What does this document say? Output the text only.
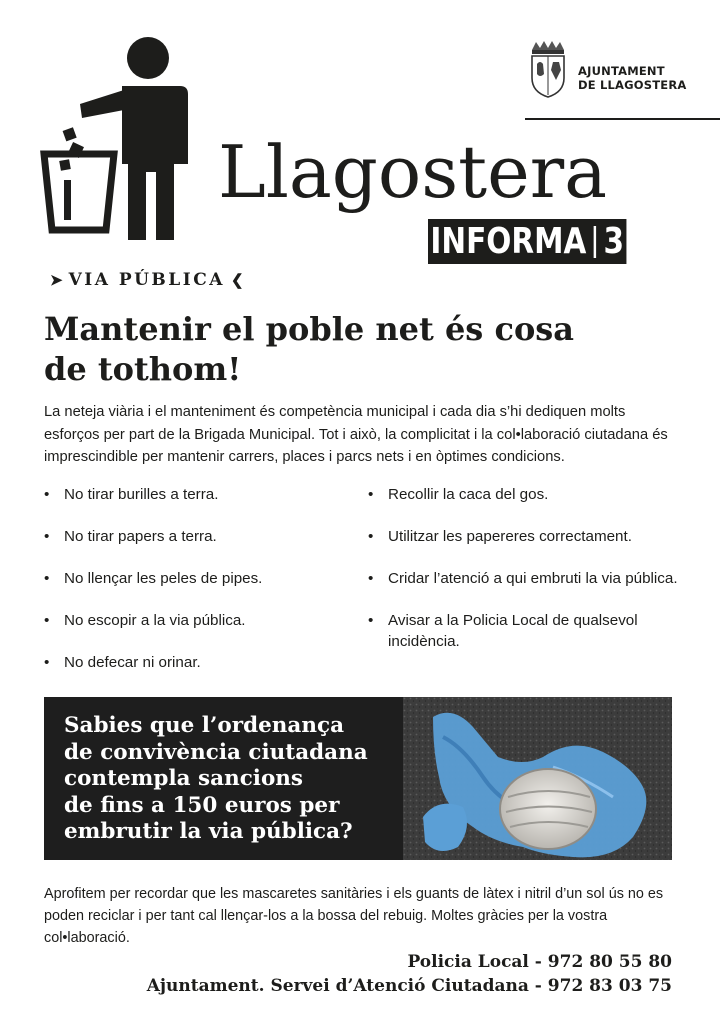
AJUNTAMENT
DE LLAGOSTERA
Llagostera
INFORMA 3
➤ VIA PÚBLICA ❮
Mantenir el poble net és cosa
de tothom!
La neteja viària i el manteniment és competència municipal i cada dia s’hi dediquen molts esforços per part de la Brigada Municipal. Tot i això, la complicitat i la col•laboració ciutadana és imprescindible per mantenir carrers, places i parcs nets i en òptimes condicions.
• No tirar burilles a terra.
• No tirar papers a terra.
• No llençar les peles de pipes.
• No escopir a la via pública.
• No defecar ni orinar.
• Recollir la caca del gos.
• Utilitzar les papereres correctament.
• Cridar l’atenció a qui embruti la via pública.
• Avisar a la Policia Local de qualsevol incidència.
Sabies que l’ordenança
de convivència ciutadana
contempla sancions
de fins a 150 euros per
embrutir la via pública?
Aprofitem per recordar que les mascaretes sanitàries i els guants de làtex i nitril d’un sol ús no es poden reciclar i per tant cal llençar-los a la bossa del rebuig. Moltes gràcies per la vostra col•laboració.
Policia Local - 972 80 55 80
Ajuntament. Servei d’Atenció Ciutadana - 972 83 03 75
